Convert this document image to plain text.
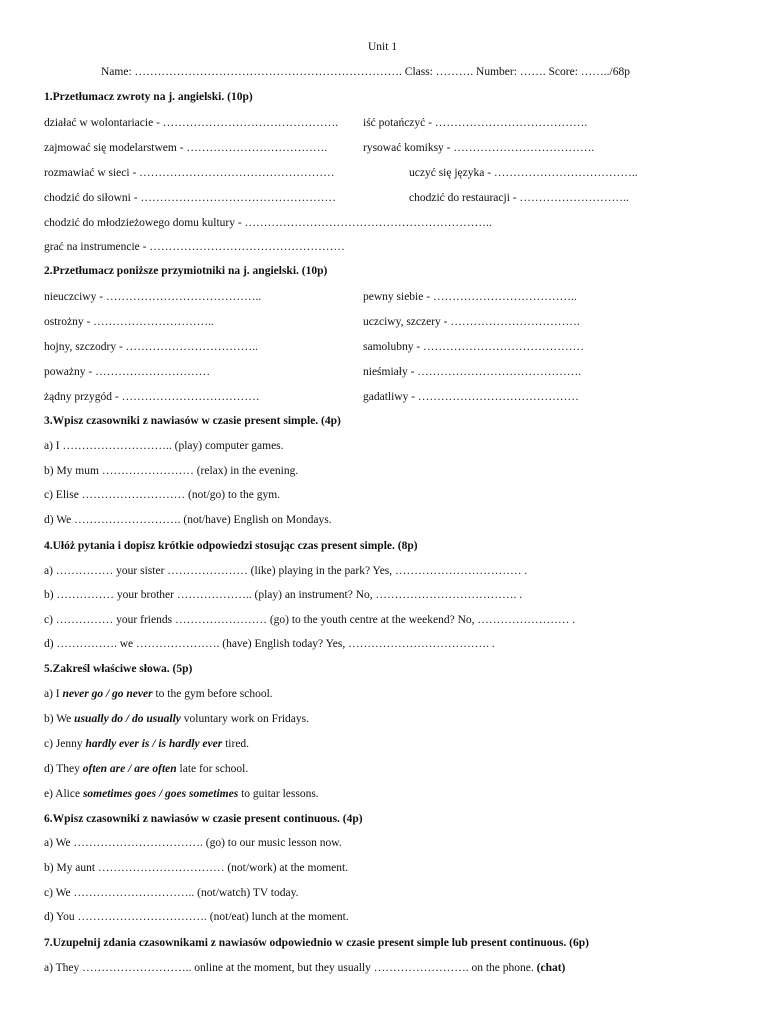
Unit 1
Name: ……………………………………………………………. Class: ………. Number: ……. Score: ……../68p
1.Przetłumacz zwroty na j. angielski. (10p)
działać w wolontariacie - ………………………………………. iść potańczyć - ………………………………….
zajmować się modelarstwem - ……………………………….	rysować komiksy - ……………………………….
rozmawiać w sieci - ……………………………………………	uczyć się języka - ………………………………..
chodzić do siłowni - ……………………………………………	chodzić do restauracji - ………………………..
chodzić do młodzieżowego domu kultury - ………………………………………………………..
grać na instrumencie - ……………………………………………
2.Przetłumacz poniższe przymiotniki na j. angielski. (10p)
nieuczciwy - …………………………………..	pewny siebie - ………………………………..
ostrożny - …………………………..	uczciwy, szczery - …………………………….
hojny, szczodry - ……………………………..	samolubny - ……………………………………
poważny - …………………………	nieśmiały - …………………………………….
żądny przygód - ………………………………	gadatliwy - ……………………………………
3.Wpisz czasowniki z nawiasów w czasie present simple. (4p)
a) I ……………………….. (play) computer games.
b) My mum …………………… (relax) in the evening.
c) Elise ……………………… (not/go) to the gym.
d) We ………………………. (not/have) English on Mondays.
4.Ułóż pytania i dopisz krótkie odpowiedzi stosując czas present simple. (8p)
a) …………… your sister ………………… (like) playing in the park? Yes, …………………………… .
b) …………… your brother ……………….. (play) an instrument? No, ………………………………. .
c) …………… your friends …………………… (go) to the youth centre at the weekend? No, …………………… .
d) ……………. we …………………. (have) English today? Yes, ………………………………. .
5.Zakreśl właściwe słowa. (5p)
a) I never go / go never to the gym before school.
b) We usually do / do usually voluntary work on Fridays.
c) Jenny hardly ever is / is hardly ever tired.
d) They often are / are often late for school.
e) Alice sometimes goes / goes sometimes to guitar lessons.
6.Wpisz czasowniki z nawiasów w czasie present continuous. (4p)
a) We ……………………………. (go) to our music lesson now.
b) My aunt …………………………… (not/work) at the moment.
c) We ………………………….. (not/watch) TV today.
d) You ……………………………. (not/eat) lunch at the moment.
7.Uzupełnij zdania czasownikami z nawiasów odpowiednio w czasie present simple lub present continuous. (6p)
a) They ……………………….. online at the moment, but they usually ……………………. on the phone. (chat)
